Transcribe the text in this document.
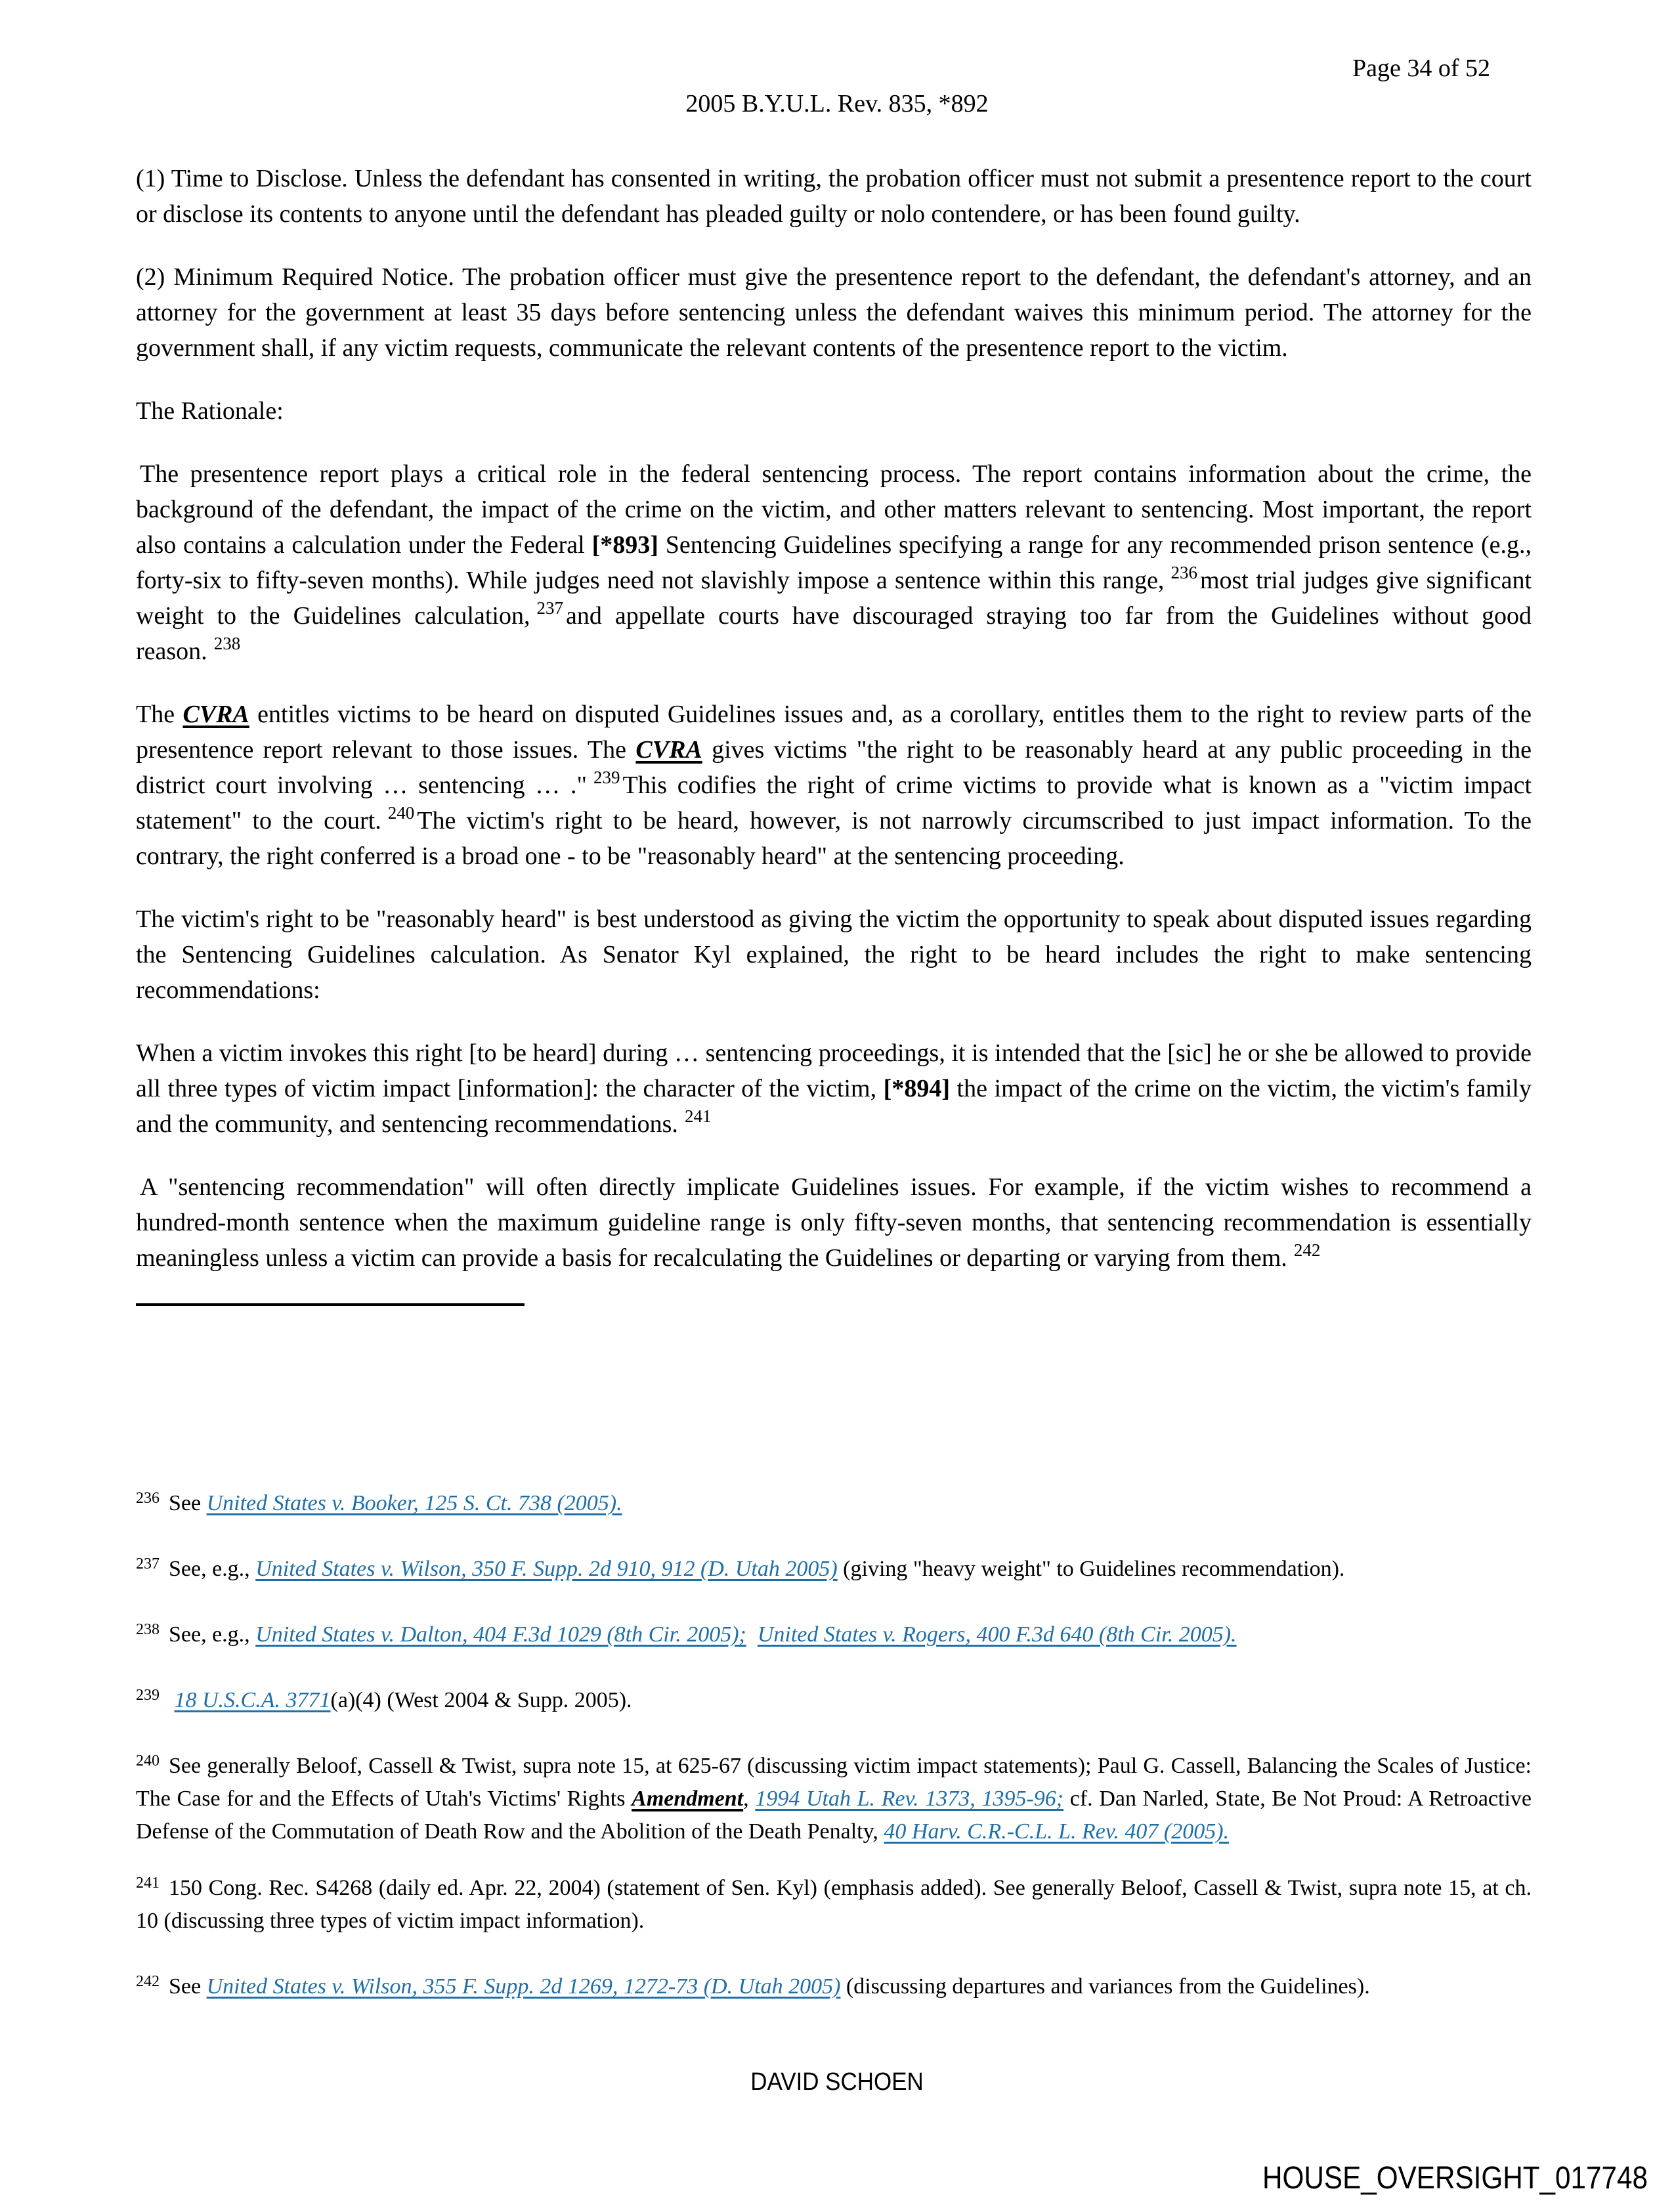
Page 34 of 52
2005 B.Y.U.L. Rev. 835, *892

(1) Time to Disclose. Unless the defendant has consented in writing, the probation officer must not submit a presentence report to the court or disclose its contents to anyone until the defendant has pleaded guilty or nolo contendere, or has been found guilty.

(2) Minimum Required Notice. The probation officer must give the presentence report to the defendant, the defendant's attorney, and an attorney for the government at least 35 days before sentencing unless the defendant waives this minimum period. The attorney for the government shall, if any victim requests, communicate the relevant contents of the presentence report to the victim.

The Rationale:

The presentence report plays a critical role in the federal sentencing process. The report contains information about the crime, the background of the defendant, the impact of the crime on the victim, and other matters relevant to sentencing. Most important, the report also contains a calculation under the Federal [*893] Sentencing Guidelines specifying a range for any recommended prison sentence (e.g., forty-six to fifty-seven months). While judges need not slavishly impose a sentence within this range, $^{236}$ most trial judges give significant weight to the Guidelines calculation, $^{237}$ and appellate courts have discouraged straying too far from the Guidelines without good reason. $^{238}$

The CVRA entitles victims to be heard on disputed Guidelines issues and, as a corollary, entitles them to the right to review parts of the presentence report relevant to those issues. The CVRA gives victims "the right to be reasonably heard at any public proceeding in the district court involving … sentencing … ." $^{239}$ This codifies the right of crime victims to provide what is known as a "victim impact statement" to the court. $^{240}$ The victim's right to be heard, however, is not narrowly circumscribed to just impact information. To the contrary, the right conferred is a broad one - to be "reasonably heard" at the sentencing proceeding.

The victim's right to be "reasonably heard" is best understood as giving the victim the opportunity to speak about disputed issues regarding the Sentencing Guidelines calculation. As Senator Kyl explained, the right to be heard includes the right to make sentencing recommendations:

When a victim invokes this right [to be heard] during … sentencing proceedings, it is intended that the [sic] he or she be allowed to provide all three types of victim impact [information]: the character of the victim, [*894] the impact of the crime on the victim, the victim's family and the community, and sentencing recommendations. $^{241}$

A "sentencing recommendation" will often directly implicate Guidelines issues. For example, if the victim wishes to recommend a hundred-month sentence when the maximum guideline range is only fifty-seven months, that sentencing recommendation is essentially meaningless unless a victim can provide a basis for recalculating the Guidelines or departing or varying from them. $^{242}$

$^{236}$ See United States v. Booker, 125 S. Ct. 738 (2005).

$^{237}$ See, e.g., United States v. Wilson, 350 F. Supp. 2d 910, 912 (D. Utah 2005) (giving "heavy weight" to Guidelines recommendation).

$^{238}$ See, e.g., United States v. Dalton, 404 F.3d 1029 (8th Cir. 2005); United States v. Rogers, 400 F.3d 640 (8th Cir. 2005).

$^{239}$ 18 U.S.C.A. 3771(a)(4) (West 2004 & Supp. 2005).

$^{240}$ See generally Beloof, Cassell & Twist, supra note 15, at 625-67 (discussing victim impact statements); Paul G. Cassell, Balancing the Scales of Justice: The Case for and the Effects of Utah's Victims' Rights Amendment, 1994 Utah L. Rev. 1373, 1395-96; cf. Dan Narled, State, Be Not Proud: A Retroactive Defense of the Commutation of Death Row and the Abolition of the Death Penalty, 40 Harv. C.R.-C.L. L. Rev. 407 (2005).

$^{241}$ 150 Cong. Rec. S4268 (daily ed. Apr. 22, 2004) (statement of Sen. Kyl) (emphasis added). See generally Beloof, Cassell & Twist, supra note 15, at ch. 10 (discussing three types of victim impact information).

$^{242}$ See United States v. Wilson, 355 F. Supp. 2d 1269, 1272-73 (D. Utah 2005) (discussing departures and variances from the Guidelines).

DAVID SCHOEN
HOUSE_OVERSIGHT_017748
